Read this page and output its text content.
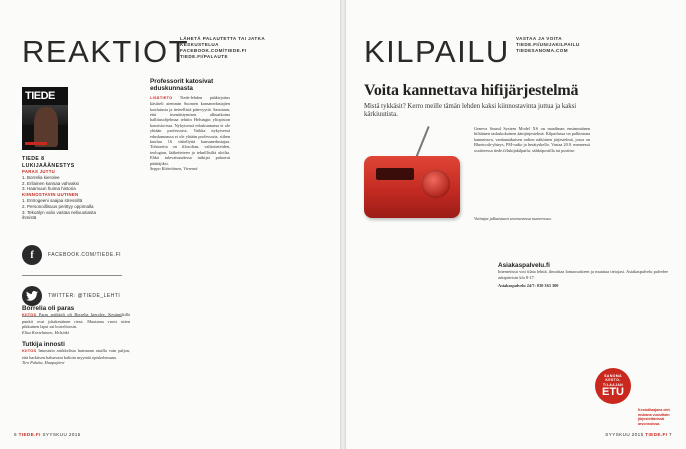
REAKTIOT
LÄHETÄ PALAUTETTA TAI JATKA
KESKUSTELUA
FACEBOOK.COM/TIEDE.FI
TIEDE.FI/PALAUTE
TIEDE
TIEDE 8 LUKIJAÄÄNESTYS
PARAS JUTTU
1. Borrelia kierolee
2. Erilainen kansaa vahvaksi
3. Haamuun huima historia
KIINNOSTAVIN UUTINEN
1. Entrogeeni saajaa stressiltä
2. Personoillisuus perittyy oppimalla
3. Tekoälyn valio vastaa nelivuotiasta ihmistä
f	FACEBOOK.COM/TIEDE.FI
TWITTER: @TIEDE_LEHTI
Borrelia oli paras
KIITOS Paras artikkeli oli Borrelia kierolee. Kesämökillä punkit ovat jokakesäinen riesa. Muutama vuosi sitten pikkuinen lapsi sai borrelioosin.
Elisa Kortelainen, Helsinki
Tutkija innosti
KIITOS Innostuin artikkelista hairmaan asialla vain paljon, että harkitsen haluavani kaltoin myyntiä opiskelemaan.
Tiro Puluha, Haapajärvi
Professorit katosivat eduskunnasta
LISÄTIETO Tiede-lehden pääkirjoitus käsitteli aiemmin Suomen kansanedustajien koulutusta ja tieteellistä pätevyyttä. Sanotaan, että itsenäistymisen alkuaikoina hallitusohjelmaa tehtiin Helsingin yliopiston konsistorissa. Nykyisessä eduskunnassa ei ole yhtään professoria. Vaikka nykyisessä eduskunnassa ei ole yhtään professoria, siihen kuuluu 16 väitellyttä kansanedustajaa. Tohtoreita on filosofian, valtiotieteiden, teologian, lääketieteen ja teknillisiltä aloilta. Ehkä tulevaisuudessa tutkijat palaavat päättäjiksi.
Seppo Kääriäinen, Vieremä
6 TIEDE.FI SYYSKUU 2015
KILPAILU VASTAA JA VOITA
TIEDE.FI/UNIJAKILPAILU
TIEDESANOMA.COM
Voita kannettava hifijärjestelmä
Mistä tykkäsit? Kerro meille tämän lehden kaksi kiinnostavinta juttua ja kaksi kärkiuutista.
Geneva Sound System Model XS on maailman ensimmäinen hifiäänen taskukokoinen äänijärjestelmä. Kilpailussa on palkintona kannettava, vanhanaikaisen radion näköinen järjestelmä, jossa on Bluetooth-yhteys, FM-radio ja herätyskello. Vastaa 20.9. mennessä osoitteessa tiede.fi/lukijakilpailu, sähköpostilla tai postitse.
Voittajat julkaistaan seuraavassa numerossa.
Asiakaspalvelu.fi
Internetissä voit tilata lehtiä, ilmoittaa lomaosoitteen ja muuttaa tietojasi. Asiakaspalvelu palvelee arkipäivisin klo 8-17.
Asiakaspalvelu 24/7: 030 363 300
Kestotilaajana olet mukana vuosittain järjestettävissä arvonnoissa.
SYYSKUU 2015 TIEDE.FI 7
SANOMA
KESTO-
TILAAJAN
ETU
